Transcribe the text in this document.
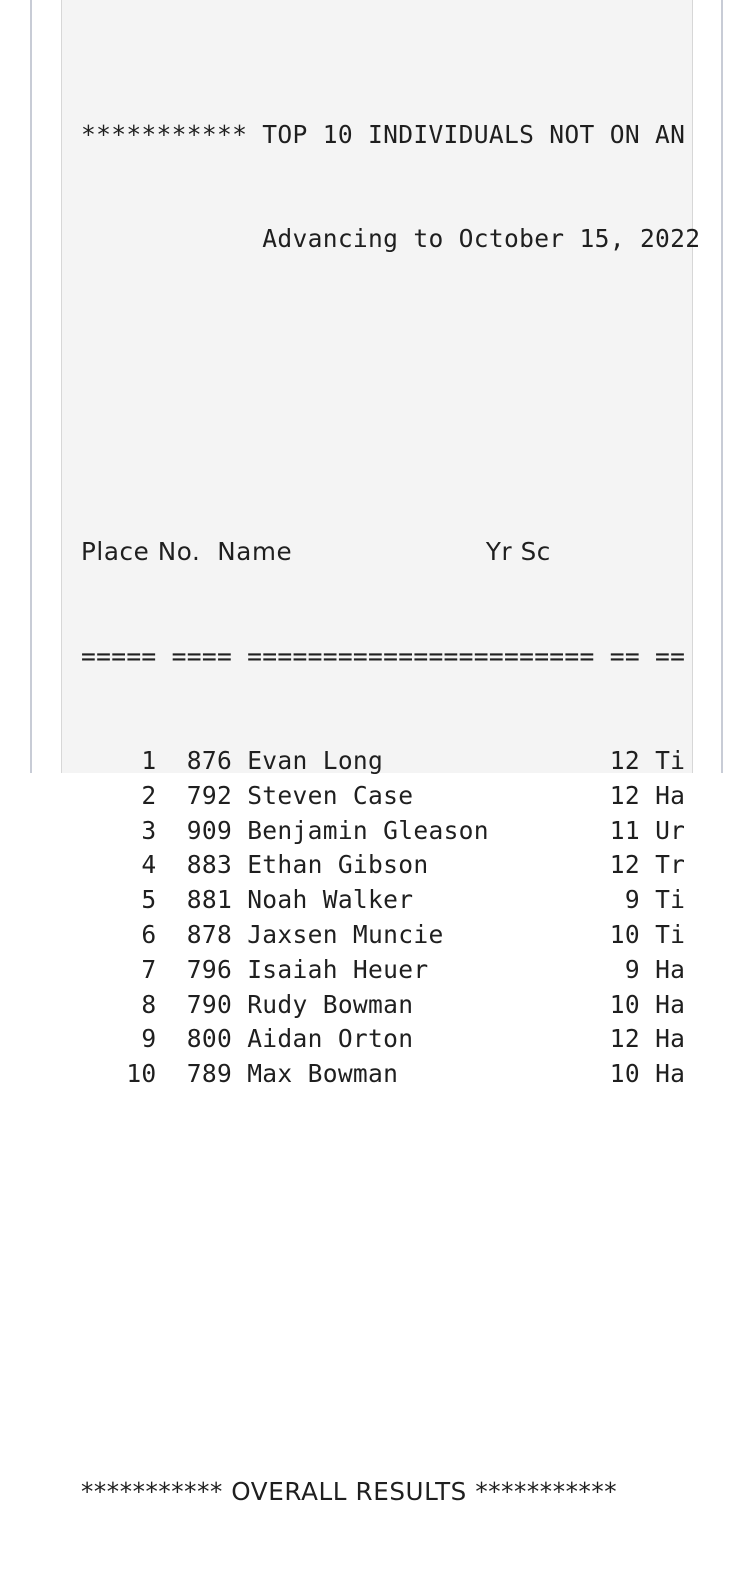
*********** TOP 10 INDIVIDUALS NOT ON AN

Advancing to October 15, 2022

Place No.  Name                       Yr Sc

===== ==== ======================= == ==

1  876 Evan Long               12 Ti
2  792 Steven Case             12 Ha
3  909 Benjamin Gleason        11 Ur
4  883 Ethan Gibson            12 Tr
5  881 Noah Walker              9 Ti
6  878 Jaxsen Muncie           10 Ti
7  796 Isaiah Heuer             9 Ha
8  790 Rudy Bowman             10 Ha
9  800 Aidan Orton             12 Ha
10  789 Max Bowman              10 Ha

*********** OVERALL RESULTS ***********
